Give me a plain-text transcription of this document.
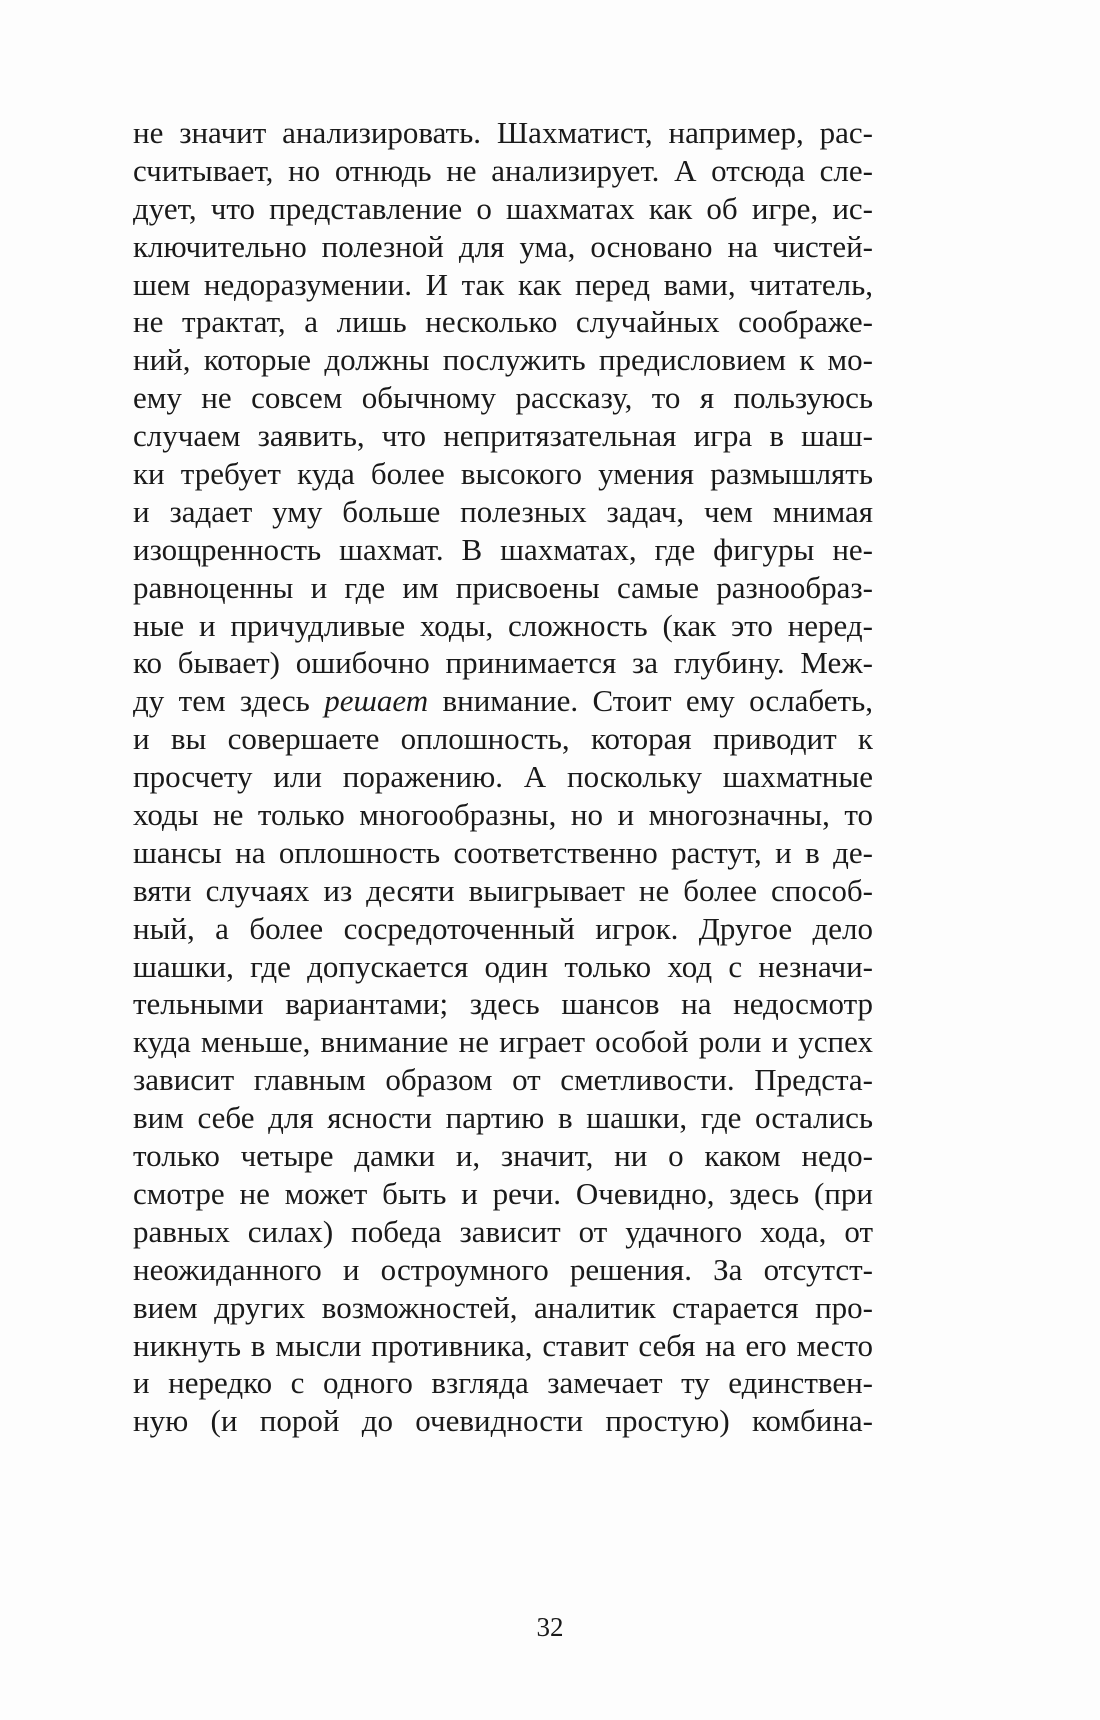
не значит анализировать. Шахматист, например, рас-
считывает, но отнюдь не анализирует. А отсюда сле-
дует, что представление о шахматах как об игре, ис-
ключительно полезной для ума, основано на чистей-
шем недоразумении. И так как перед вами, читатель,
не трактат, а лишь несколько случайных соображе-
ний, которые должны послужить предисловием к мо-
ему не совсем обычному рассказу, то я пользуюсь
случаем заявить, что непритязательная игра в шаш-
ки требует куда более высокого умения размышлять
и задает уму больше полезных задач, чем мнимая
изощренность шахмат. В шахматах, где фигуры не-
равноценны и где им присвоены самые разнообраз-
ные и причудливые ходы, сложность (как это неред-
ко бывает) ошибочно принимается за глубину. Меж-
ду тем здесь решает внимание. Стоит ему ослабеть,
и вы совершаете оплошность, которая приводит к
просчету или поражению. А поскольку шахматные
ходы не только многообразны, но и многозначны, то
шансы на оплошность соответственно растут, и в де-
вяти случаях из десяти выигрывает не более способ-
ный, а более сосредоточенный игрок. Другое дело
шашки, где допускается один только ход с незначи-
тельными вариантами; здесь шансов на недосмотр
куда меньше, внимание не играет особой роли и успех
зависит главным образом от сметливости. Предста-
вим себе для ясности партию в шашки, где остались
только четыре дамки и, значит, ни о каком недо-
смотре не может быть и речи. Очевидно, здесь (при
равных силах) победа зависит от удачного хода, от
неожиданного и остроумного решения. За отсутст-
вием других возможностей, аналитик старается про-
никнуть в мысли противника, ставит себя на его место
и нередко с одного взгляда замечает ту единствен-
ную (и порой до очевидности простую) комбина-
32
